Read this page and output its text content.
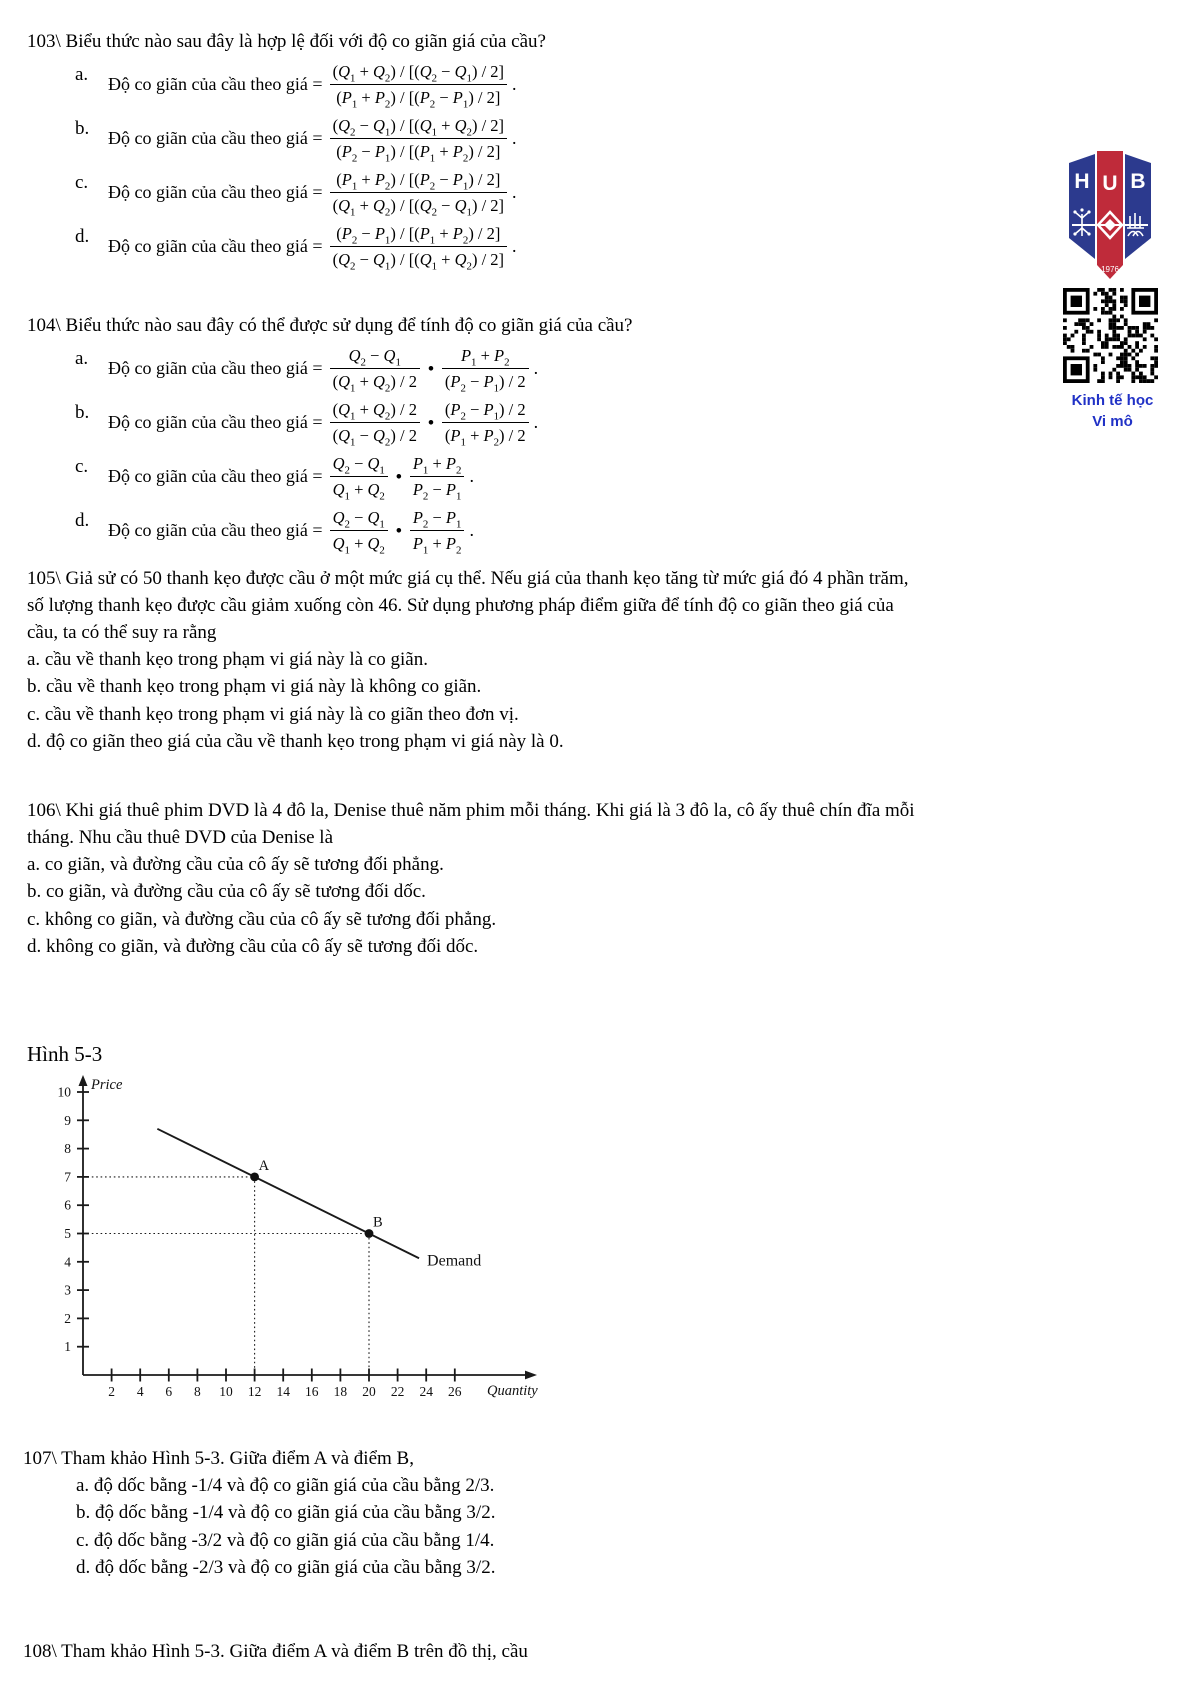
H U B
1976
Kinh tế học
Vi mô
103\ Biểu thức nào sau đây là hợp lệ đối với độ co giãn giá của cầu?
a.	Độ co giãn của cầu theo giá = $\frac{(Q_1 + Q_2) / [(Q_2 - Q_1) / 2]}{(P_1 + P_2) / [(P_2 - P_1) / 2]}$ .
b.	Độ co giãn của cầu theo giá = $\frac{(Q_2 - Q_1) / [(Q_1 + Q_2) / 2]}{(P_2 - P_1) / [(P_1 + P_2) / 2]}$ .
c.	Độ co giãn của cầu theo giá = $\frac{(P_1 + P_2) / [(P_2 - P_1) / 2]}{(Q_1 + Q_2) / [(Q_2 - Q_1) / 2]}$ .
d.	Độ co giãn của cầu theo giá = $\frac{(P_2 - P_1) / [(P_1 + P_2) / 2]}{(Q_2 - Q_1) / [(Q_1 + Q_2) / 2]}$ .
104\ Biểu thức nào sau đây có thể được sử dụng để tính độ co giãn giá của cầu?
a.	Độ co giãn của cầu theo giá = $\frac{Q_2 - Q_1}{(Q_1 + Q_2) / 2}$ • $\frac{P_1 + P_2}{(P_2 - P_1) / 2}$ .
b.	Độ co giãn của cầu theo giá = $\frac{(Q_1 + Q_2) / 2}{(Q_1 - Q_2) / 2}$ • $\frac{(P_2 - P_1) / 2}{(P_1 + P_2) / 2}$ .
c.	Độ co giãn của cầu theo giá = $\frac{Q_2 - Q_1}{Q_1 + Q_2}$ • $\frac{P_1 + P_2}{P_2 - P_1}$ .
d.	Độ co giãn của cầu theo giá = $\frac{Q_2 - Q_1}{Q_1 + Q_2}$ • $\frac{P_2 - P_1}{P_1 + P_2}$ .
105\ Giả sử có 50 thanh kẹo được cầu ở một mức giá cụ thể. Nếu giá của thanh kẹo tăng từ mức giá đó 4 phần trăm,
số lượng thanh kẹo được cầu giảm xuống còn 46. Sử dụng phương pháp điểm giữa để tính độ co giãn theo giá của
cầu, ta có thể suy ra rằng
a. cầu về thanh kẹo trong phạm vi giá này là co giãn.
b. cầu về thanh kẹo trong phạm vi giá này là không co giãn.
c. cầu về thanh kẹo trong phạm vi giá này là co giãn theo đơn vị.
d. độ co giãn theo giá của cầu về thanh kẹo trong phạm vi giá này là 0.
106\ Khi giá thuê phim DVD là 4 đô la, Denise thuê năm phim mỗi tháng. Khi giá là 3 đô la, cô ấy thuê chín đĩa mỗi
tháng. Nhu cầu thuê DVD của Denise là
a. co giãn, và đường cầu của cô ấy sẽ tương đối phẳng.
b. co giãn, và đường cầu của cô ấy sẽ tương đối dốc.
c. không co giãn, và đường cầu của cô ấy sẽ tương đối phẳng.
d. không co giãn, và đường cầu của cô ấy sẽ tương đối dốc.
Hình 5-3
1
2
3
4
5
6
7
8
9
10
2 4 6 8 10 12 14 16 18 20 22 24 26
Demand
A
B
Price
Quantity
107\ Tham khảo Hình 5-3. Giữa điểm A và điểm B,
a. độ dốc bằng -1/4 và độ co giãn giá của cầu bằng 2/3.
b. độ dốc bằng -1/4 và độ co giãn giá của cầu bằng 3/2.
c. độ dốc bằng -3/2 và độ co giãn giá của cầu bằng 1/4.
d. độ dốc bằng -2/3 và độ co giãn giá của cầu bằng 3/2.
108\ Tham khảo Hình 5-3. Giữa điểm A và điểm B trên đồ thị, cầu
